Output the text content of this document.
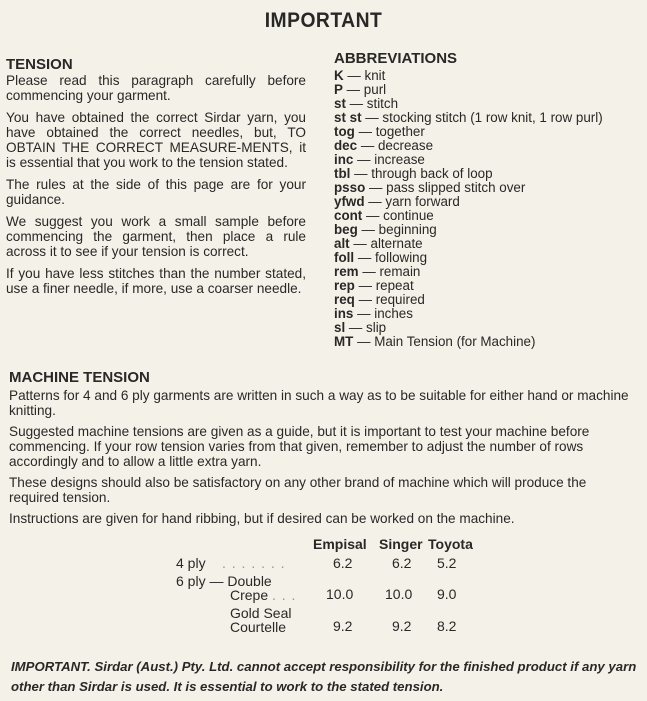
IMPORTANT

TENSION

Please read this paragraph carefully before commencing your garment.

You have obtained the correct Sirdar yarn, you have obtained the correct needles, but, TO OBTAIN THE CORRECT MEASURE-MENTS, it is essential that you work to the tension stated.

The rules at the side of this page are for your guidance.

We suggest you work a small sample before commencing the garment, then place a rule across it to see if your tension is correct.

If you have less stitches than the number stated, use a finer needle, if more, use a coarser needle.

ABBREVIATIONS

K — knit
P — purl
st — stitch
st st — stocking stitch (1 row knit, 1 row purl)
tog — together
dec — decrease
inc — increase
tbl — through back of loop
psso — pass slipped stitch over
yfwd — yarn forward
cont — continue
beg — beginning
alt — alternate
foll — following
rem — remain
rep — repeat
req — required
ins — inches
sl — slip
MT — Main Tension (for Machine)

MACHINE TENSION

Patterns for 4 and 6 ply garments are written in such a way as to be suitable for either hand or machine knitting.

Suggested machine tensions are given as a guide, but it is important to test your machine before commencing. If your row tension varies from that given, remember to adjust the number of rows accordingly and to allow a little extra yarn.

These designs should also be satisfactory on any other brand of machine which will produce the required tension.

Instructions are given for hand ribbing, but if desired can be worked on the machine.

Empisal Singer Toyota
4 ply . . . . . . .	6.2	6.2 5.2
6 ply — Double
Crepe . . . 10.0 10.0 9.0
Gold Seal
Courtelle	9.2	9.2 8.2
IMPORTANT. Sirdar (Aust.) Pty. Ltd. cannot accept responsibility for the finished product if any yarn other than Sirdar is used. It is essential to work to the stated tension.
